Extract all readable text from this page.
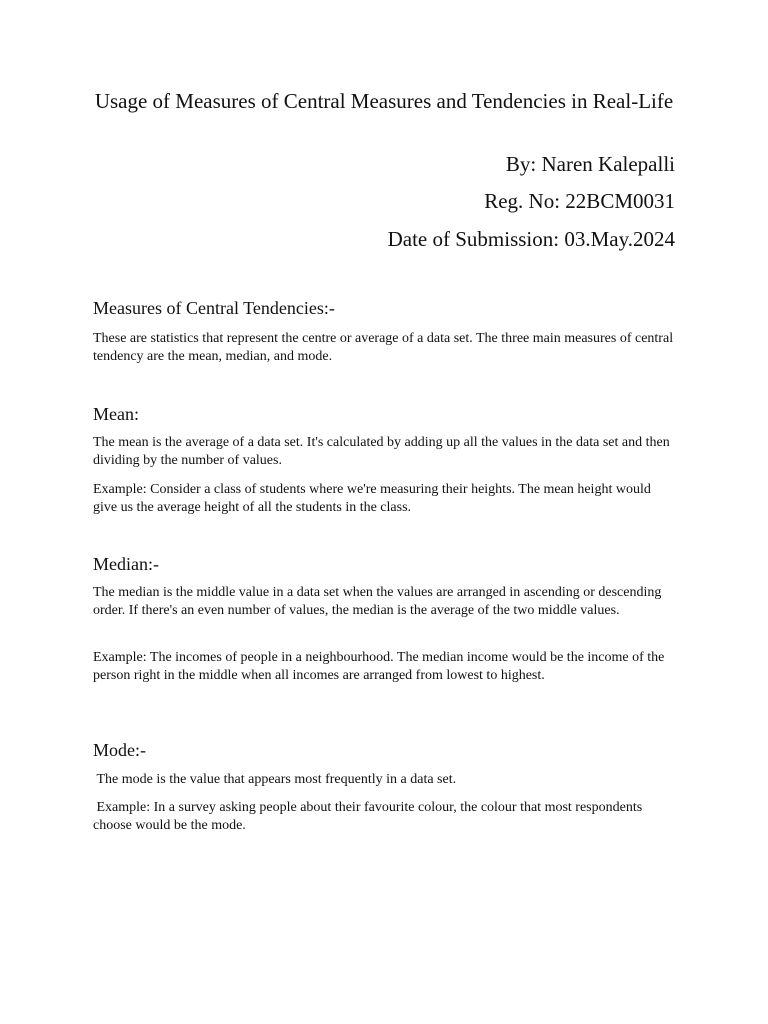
Usage of Measures of Central Measures and Tendencies in Real-Life

By: Naren Kalepalli

Reg. No: 22BCM0031

Date of Submission: 03.May.2024

Measures of Central Tendencies:-

These are statistics that represent the centre or average of a data set. The three main measures of central tendency are the mean, median, and mode.

Mean:

The mean is the average of a data set. It's calculated by adding up all the values in the data set and then dividing by the number of values.

Example: Consider a class of students where we're measuring their heights. The mean height would give us the average height of all the students in the class.

Median:-

The median is the middle value in a data set when the values are arranged in ascending or descending order. If there's an even number of values, the median is the average of the two middle values.

Example: The incomes of people in a neighbourhood. The median income would be the income of the person right in the middle when all incomes are arranged from lowest to highest.

Mode:-

The mode is the value that appears most frequently in a data set.

Example: In a survey asking people about their favourite colour, the colour that most respondents choose would be the mode.
